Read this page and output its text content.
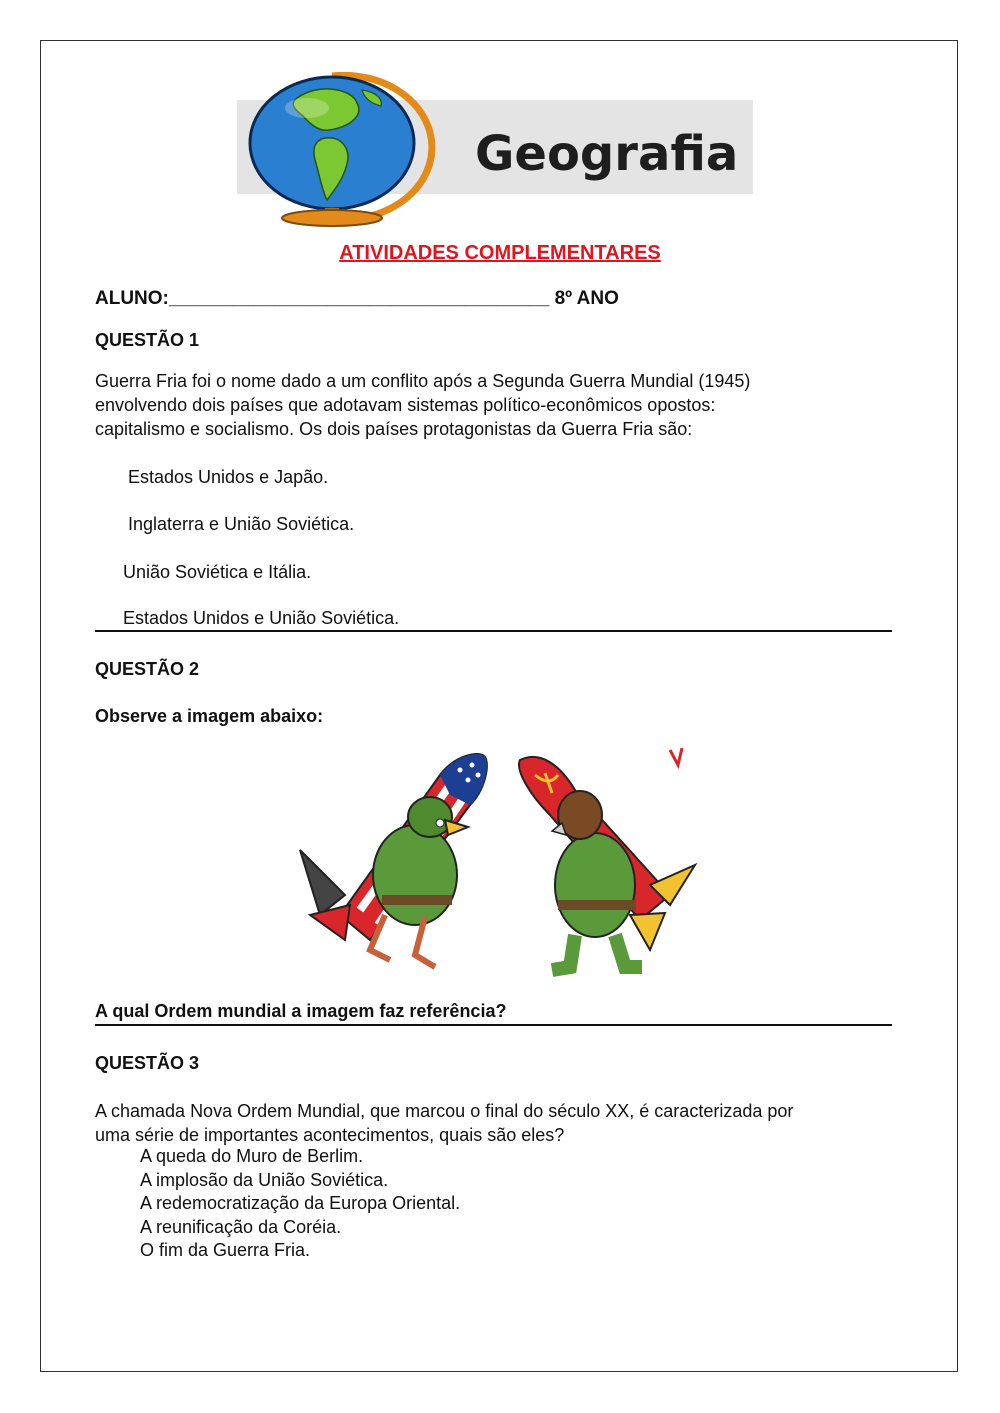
Geografia
ATIVIDADES COMPLEMENTARES
ALUNO:____________________________________ 8º ANO
QUESTÃO 1
Guerra Fria foi o nome dado a um conflito após a Segunda Guerra Mundial (1945)
envolvendo dois países que adotavam sistemas político-econômicos opostos:
capitalismo e socialismo. Os dois países protagonistas da Guerra Fria são:
Estados Unidos e Japão.
Inglaterra e União Soviética.
União Soviética e Itália.
Estados Unidos e União Soviética.
QUESTÃO 2
Observe a imagem abaixo:
A qual Ordem mundial a imagem faz referência?
QUESTÃO 3
A chamada Nova Ordem Mundial, que marcou o final do século XX, é caracterizada por
uma série de importantes acontecimentos, quais são eles?
A queda do Muro de Berlim.
A implosão da União Soviética.
A redemocratização da Europa Oriental.
A reunificação da Coréia.
O fim da Guerra Fria.
